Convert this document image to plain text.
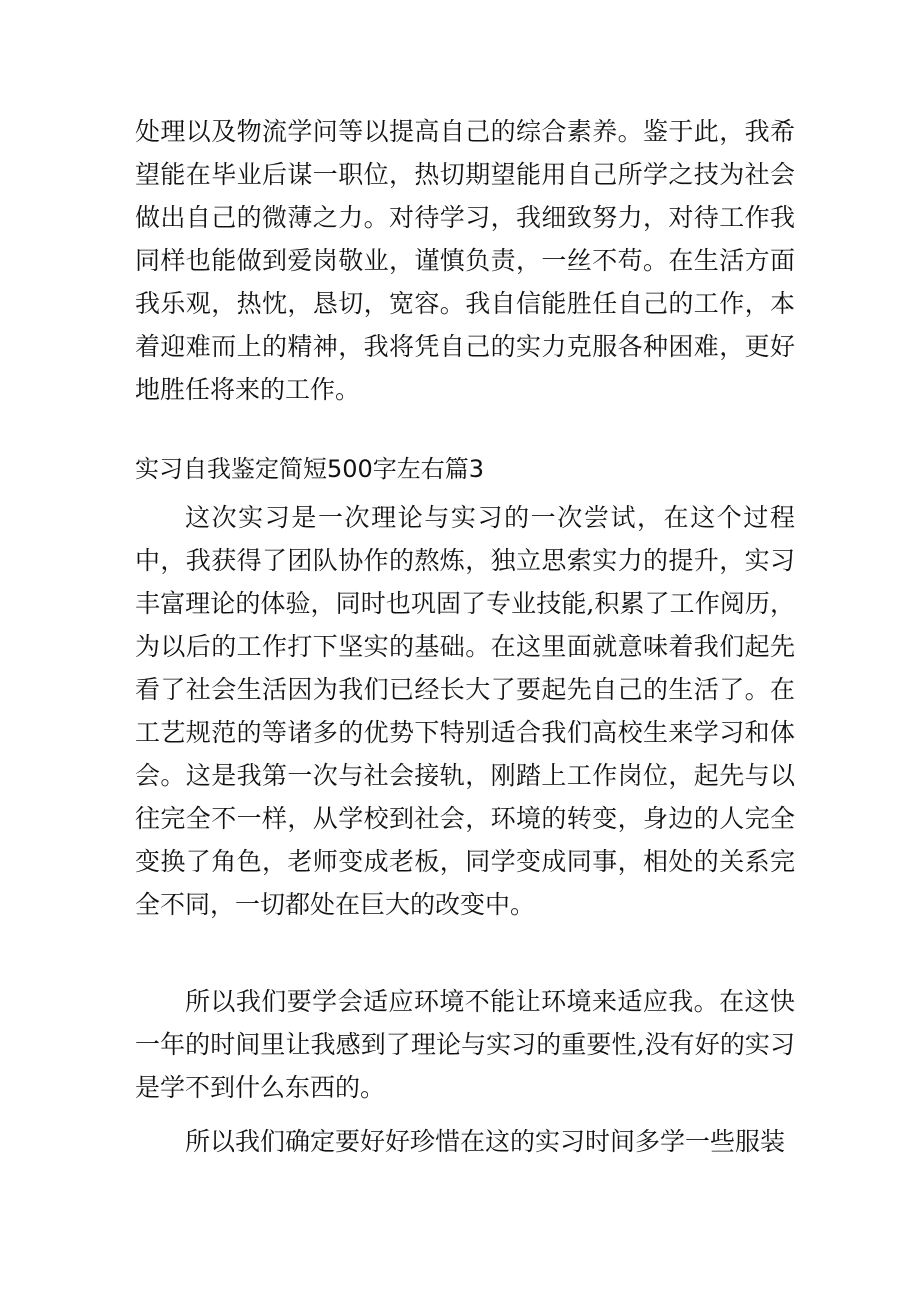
处理以及物流学问等以提高自己的综合素养。鉴于此，我希望能在毕业后谋一职位，热切期望能用自己所学之技为社会做出自己的微薄之力。对待学习，我细致努力，对待工作我同样也能做到爱岗敬业，谨慎负责，一丝不苟。在生活方面我乐观，热忱，恳切，宽容。我自信能胜任自己的工作，本着迎难而上的精神，我将凭自己的实力克服各种困难，更好地胜任将来的工作。

实习自我鉴定简短500字左右篇3

这次实习是一次理论与实习的一次尝试，在这个过程中，我获得了团队协作的熬炼，独立思索实力的提升，实习丰富理论的体验，同时也巩固了专业技能,积累了工作阅历，为以后的工作打下坚实的基础。在这里面就意味着我们起先看了社会生活因为我们已经长大了要起先自己的生活了。在工艺规范的等诸多的优势下特别适合我们高校生来学习和体会。这是我第一次与社会接轨，刚踏上工作岗位，起先与以往完全不一样，从学校到社会，环境的转变，身边的人完全变换了角色，老师变成老板，同学变成同事，相处的关系完全不同，一切都处在巨大的改变中。

所以我们要学会适应环境不能让环境来适应我。在这快一年的时间里让我感到了理论与实习的重要性,没有好的实习是学不到什么东西的。

所以我们确定要好好珍惜在这的实习时间多学一些服装
